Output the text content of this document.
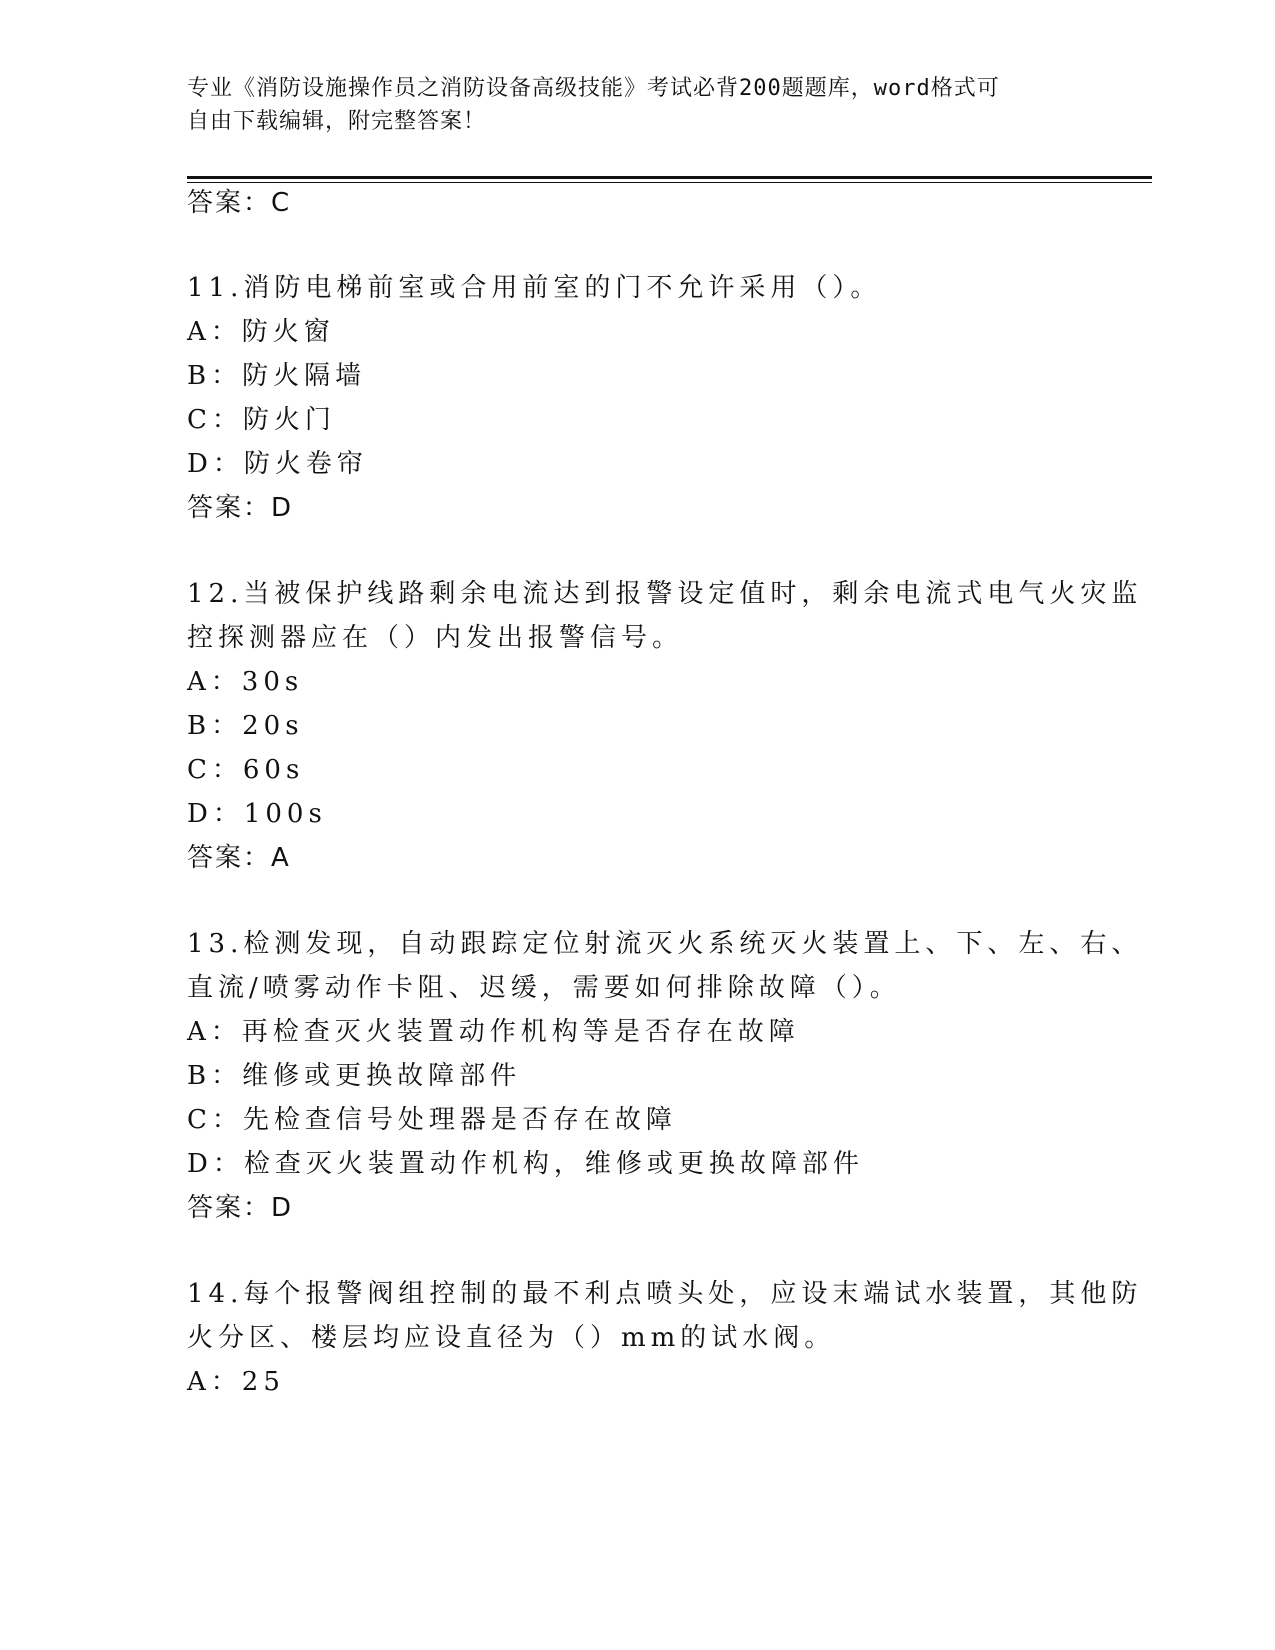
专业《消防设施操作员之消防设备高级技能》考试必背200题题库，word格式可
自由下载编辑，附完整答案！
答案：C
11.消防电梯前室或合用前室的门不允许采用（）。
A：防火窗
B：防火隔墙
C：防火门
D：防火卷帘
答案：D
12.当被保护线路剩余电流达到报警设定值时，剩余电流式电气火灾监
控探测器应在（）内发出报警信号。
A：30s
B：20s
C：60s
D：100s
答案：A
13.检测发现，自动跟踪定位射流灭火系统灭火装置上、下、左、右、
直流/喷雾动作卡阻、迟缓，需要如何排除故障（）。
A：再检查灭火装置动作机构等是否存在故障
B：维修或更换故障部件
C：先检查信号处理器是否存在故障
D：检查灭火装置动作机构，维修或更换故障部件
答案：D
14.每个报警阀组控制的最不利点喷头处，应设末端试水装置，其他防
火分区、楼层均应设直径为（）mm的试水阀。
A：25
